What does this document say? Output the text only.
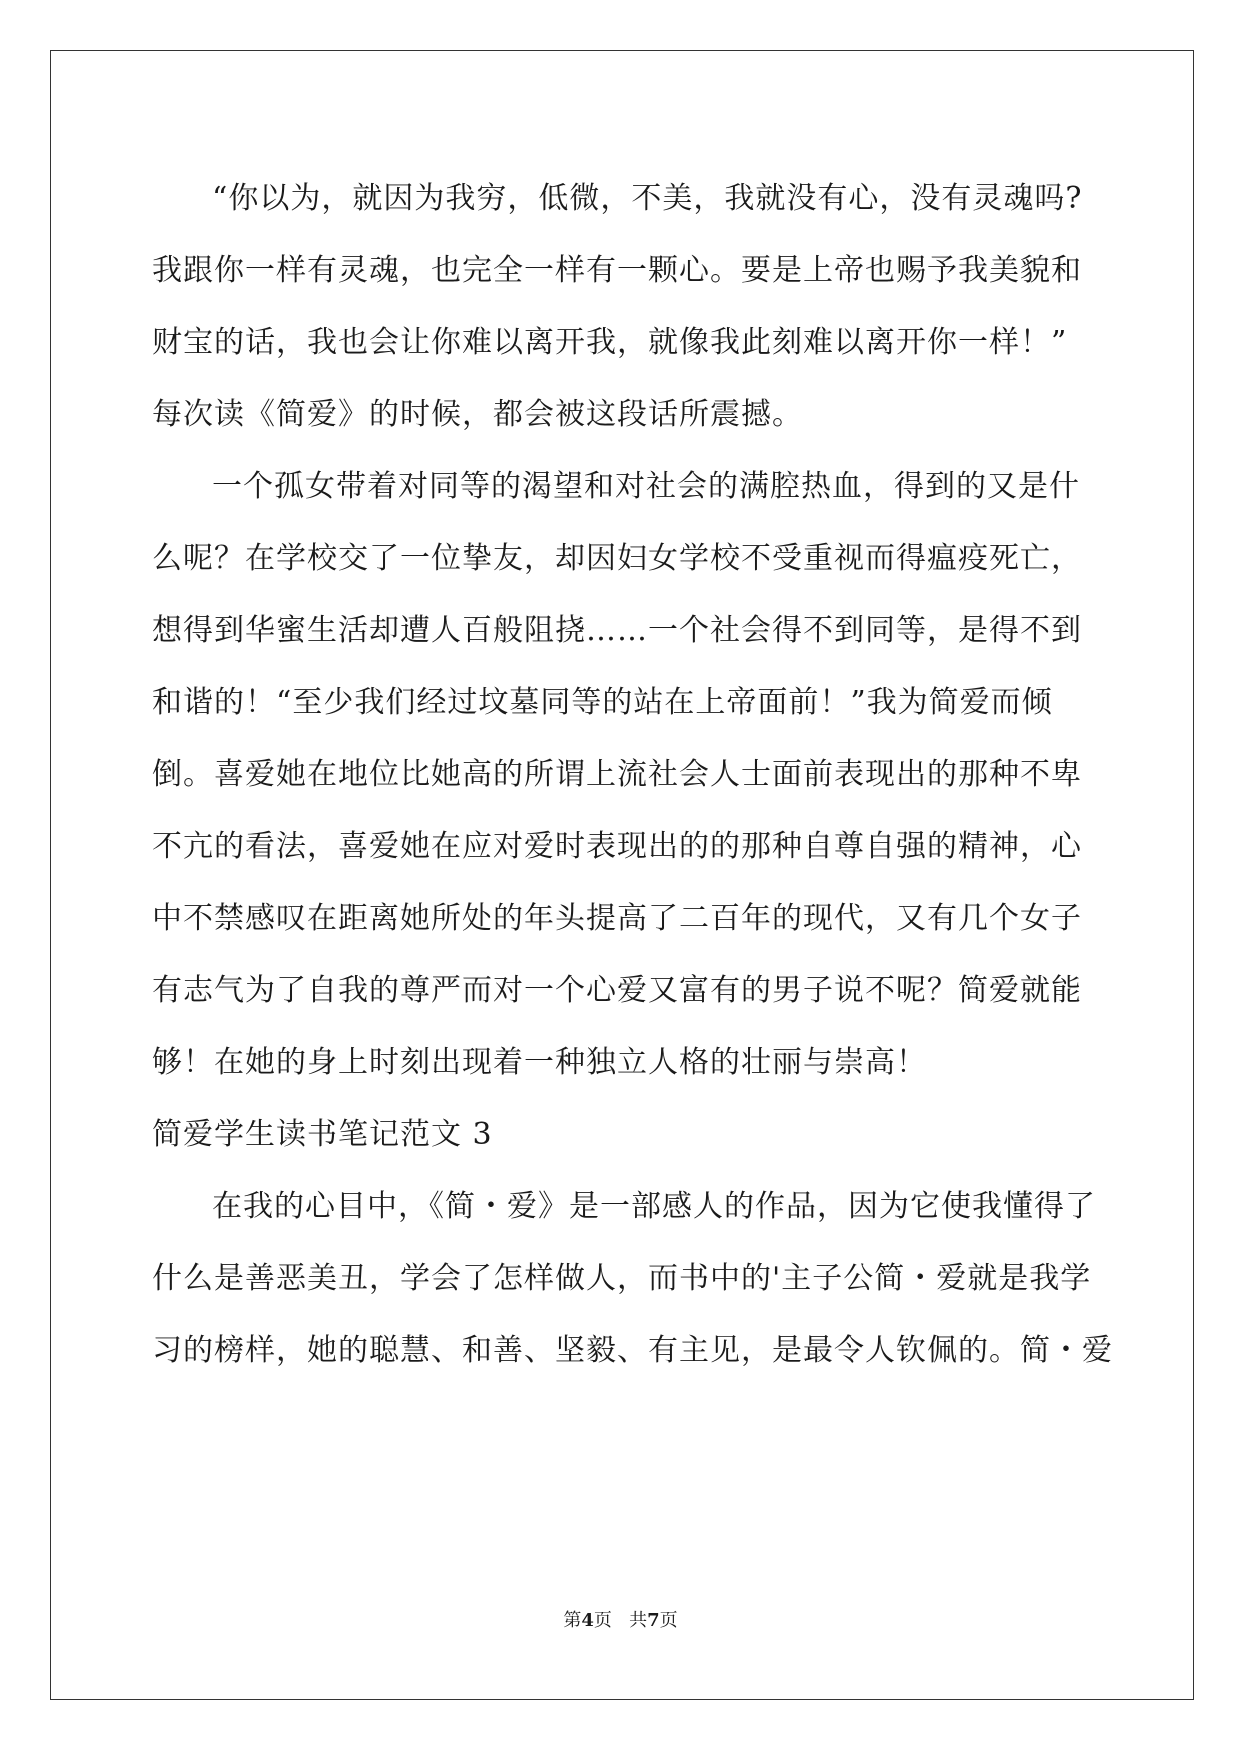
“你以为，就因为我穷，低微，不美，我就没有心，没有灵魂吗?
我跟你一样有灵魂，也完全一样有一颗心。要是上帝也赐予我美貌和
财宝的话，我也会让你难以离开我，就像我此刻难以离开你一样！”
每次读《简爱》的时候，都会被这段话所震撼。
一个孤女带着对同等的渴望和对社会的满腔热血，得到的又是什
么呢？在学校交了一位挚友，却因妇女学校不受重视而得瘟疫死亡，
想得到华蜜生活却遭人百般阻挠……一个社会得不到同等，是得不到
和谐的！“至少我们经过坟墓同等的站在上帝面前！”我为简爱而倾
倒。喜爱她在地位比她高的所谓上流社会人士面前表现出的那种不卑
不亢的看法，喜爱她在应对爱时表现出的的那种自尊自强的精神，心
中不禁感叹在距离她所处的年头提高了二百年的现代，又有几个女子
有志气为了自我的尊严而对一个心爱又富有的男子说不呢？简爱就能
够！在她的身上时刻出现着一种独立人格的壮丽与崇高！
简爱学生读书笔记范文 3
在我的心目中，《简・爱》是一部感人的作品，因为它使我懂得了
什么是善恶美丑，学会了怎样做人，而书中的'主子公简・爱就是我学
习的榜样，她的聪慧、和善、坚毅、有主见，是最令人钦佩的。简・爱
第4页   共7页
